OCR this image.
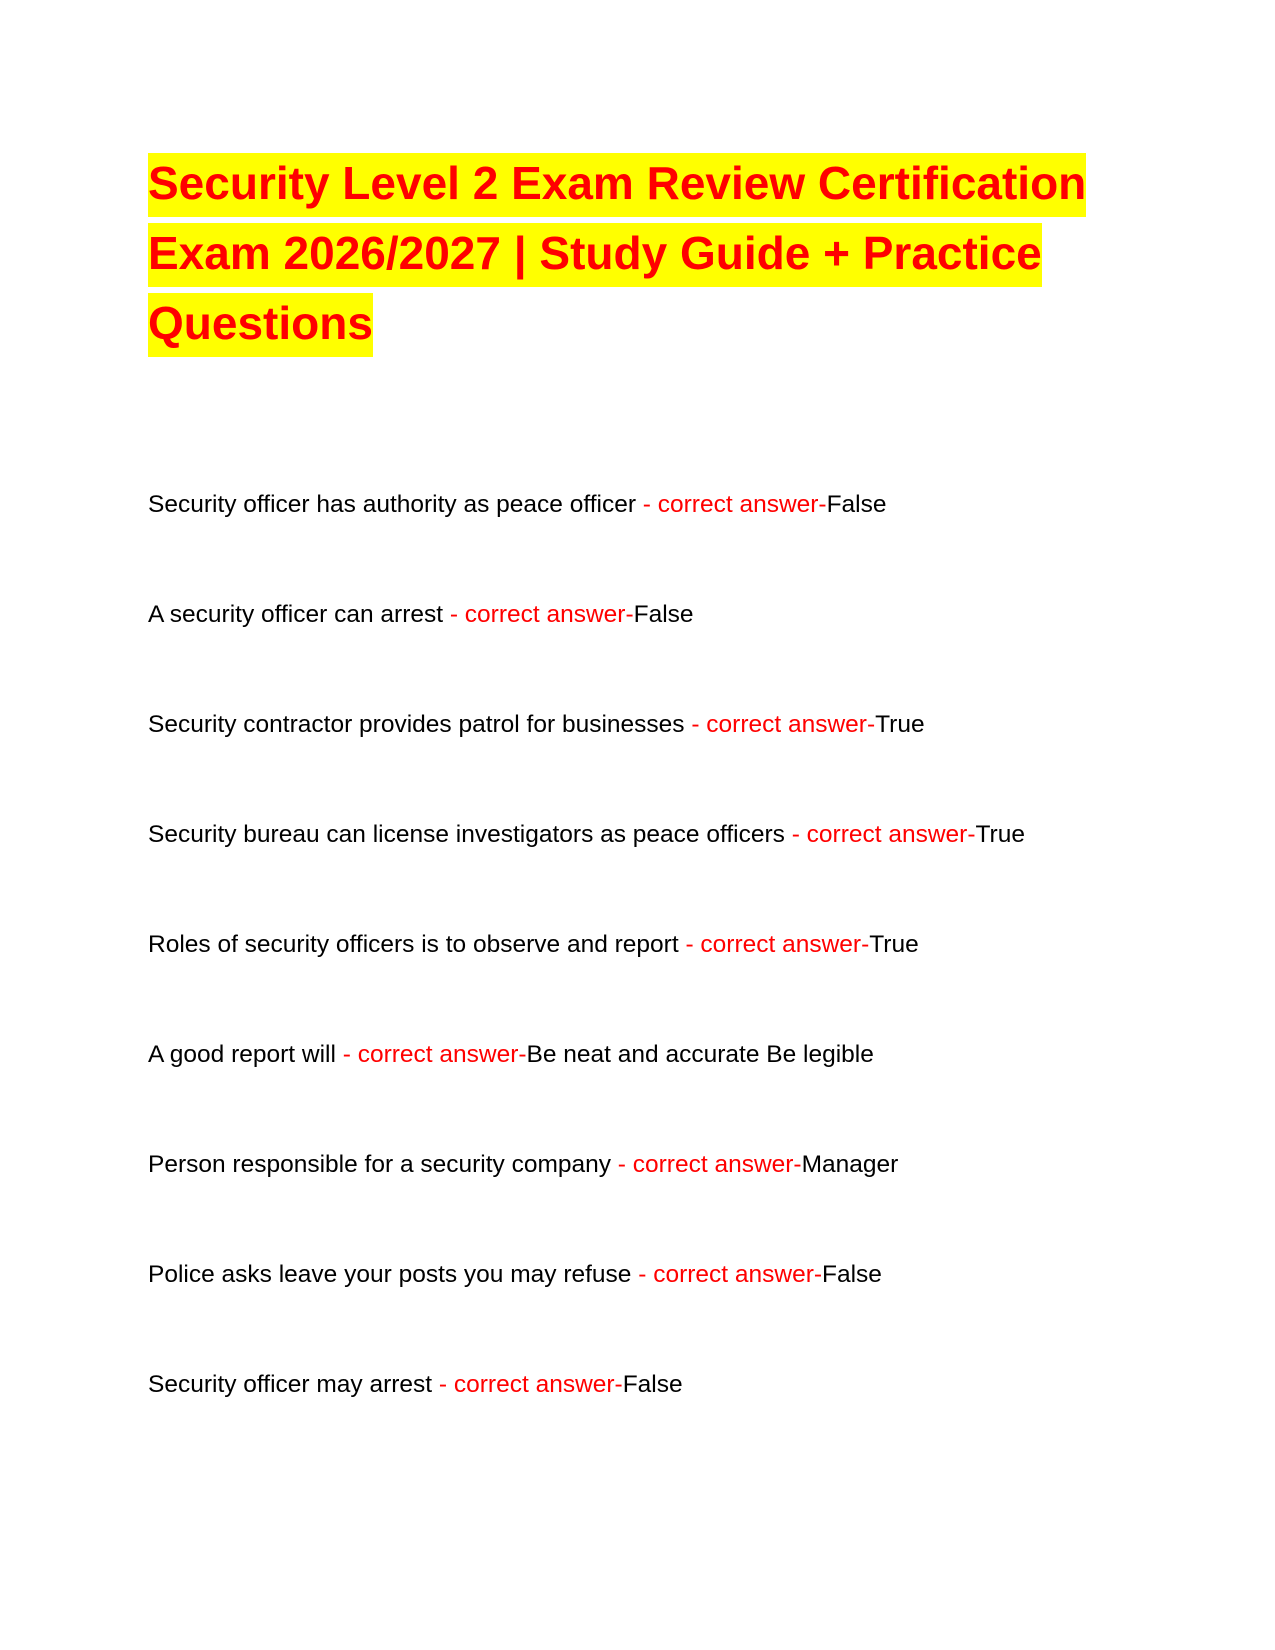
Security Level 2 Exam Review Certification Exam 2026/2027 | Study Guide + Practice Questions
Security officer has authority as peace officer - correct answer-False
A security officer can arrest - correct answer-False
Security contractor provides patrol for businesses - correct answer-True
Security bureau can license investigators as peace officers - correct answer-True
Roles of security officers is to observe and report - correct answer-True
A good report will - correct answer-Be neat and accurate Be legible
Person responsible for a security company - correct answer-Manager
Police asks leave your posts you may refuse - correct answer-False
Security officer may arrest - correct answer-False
